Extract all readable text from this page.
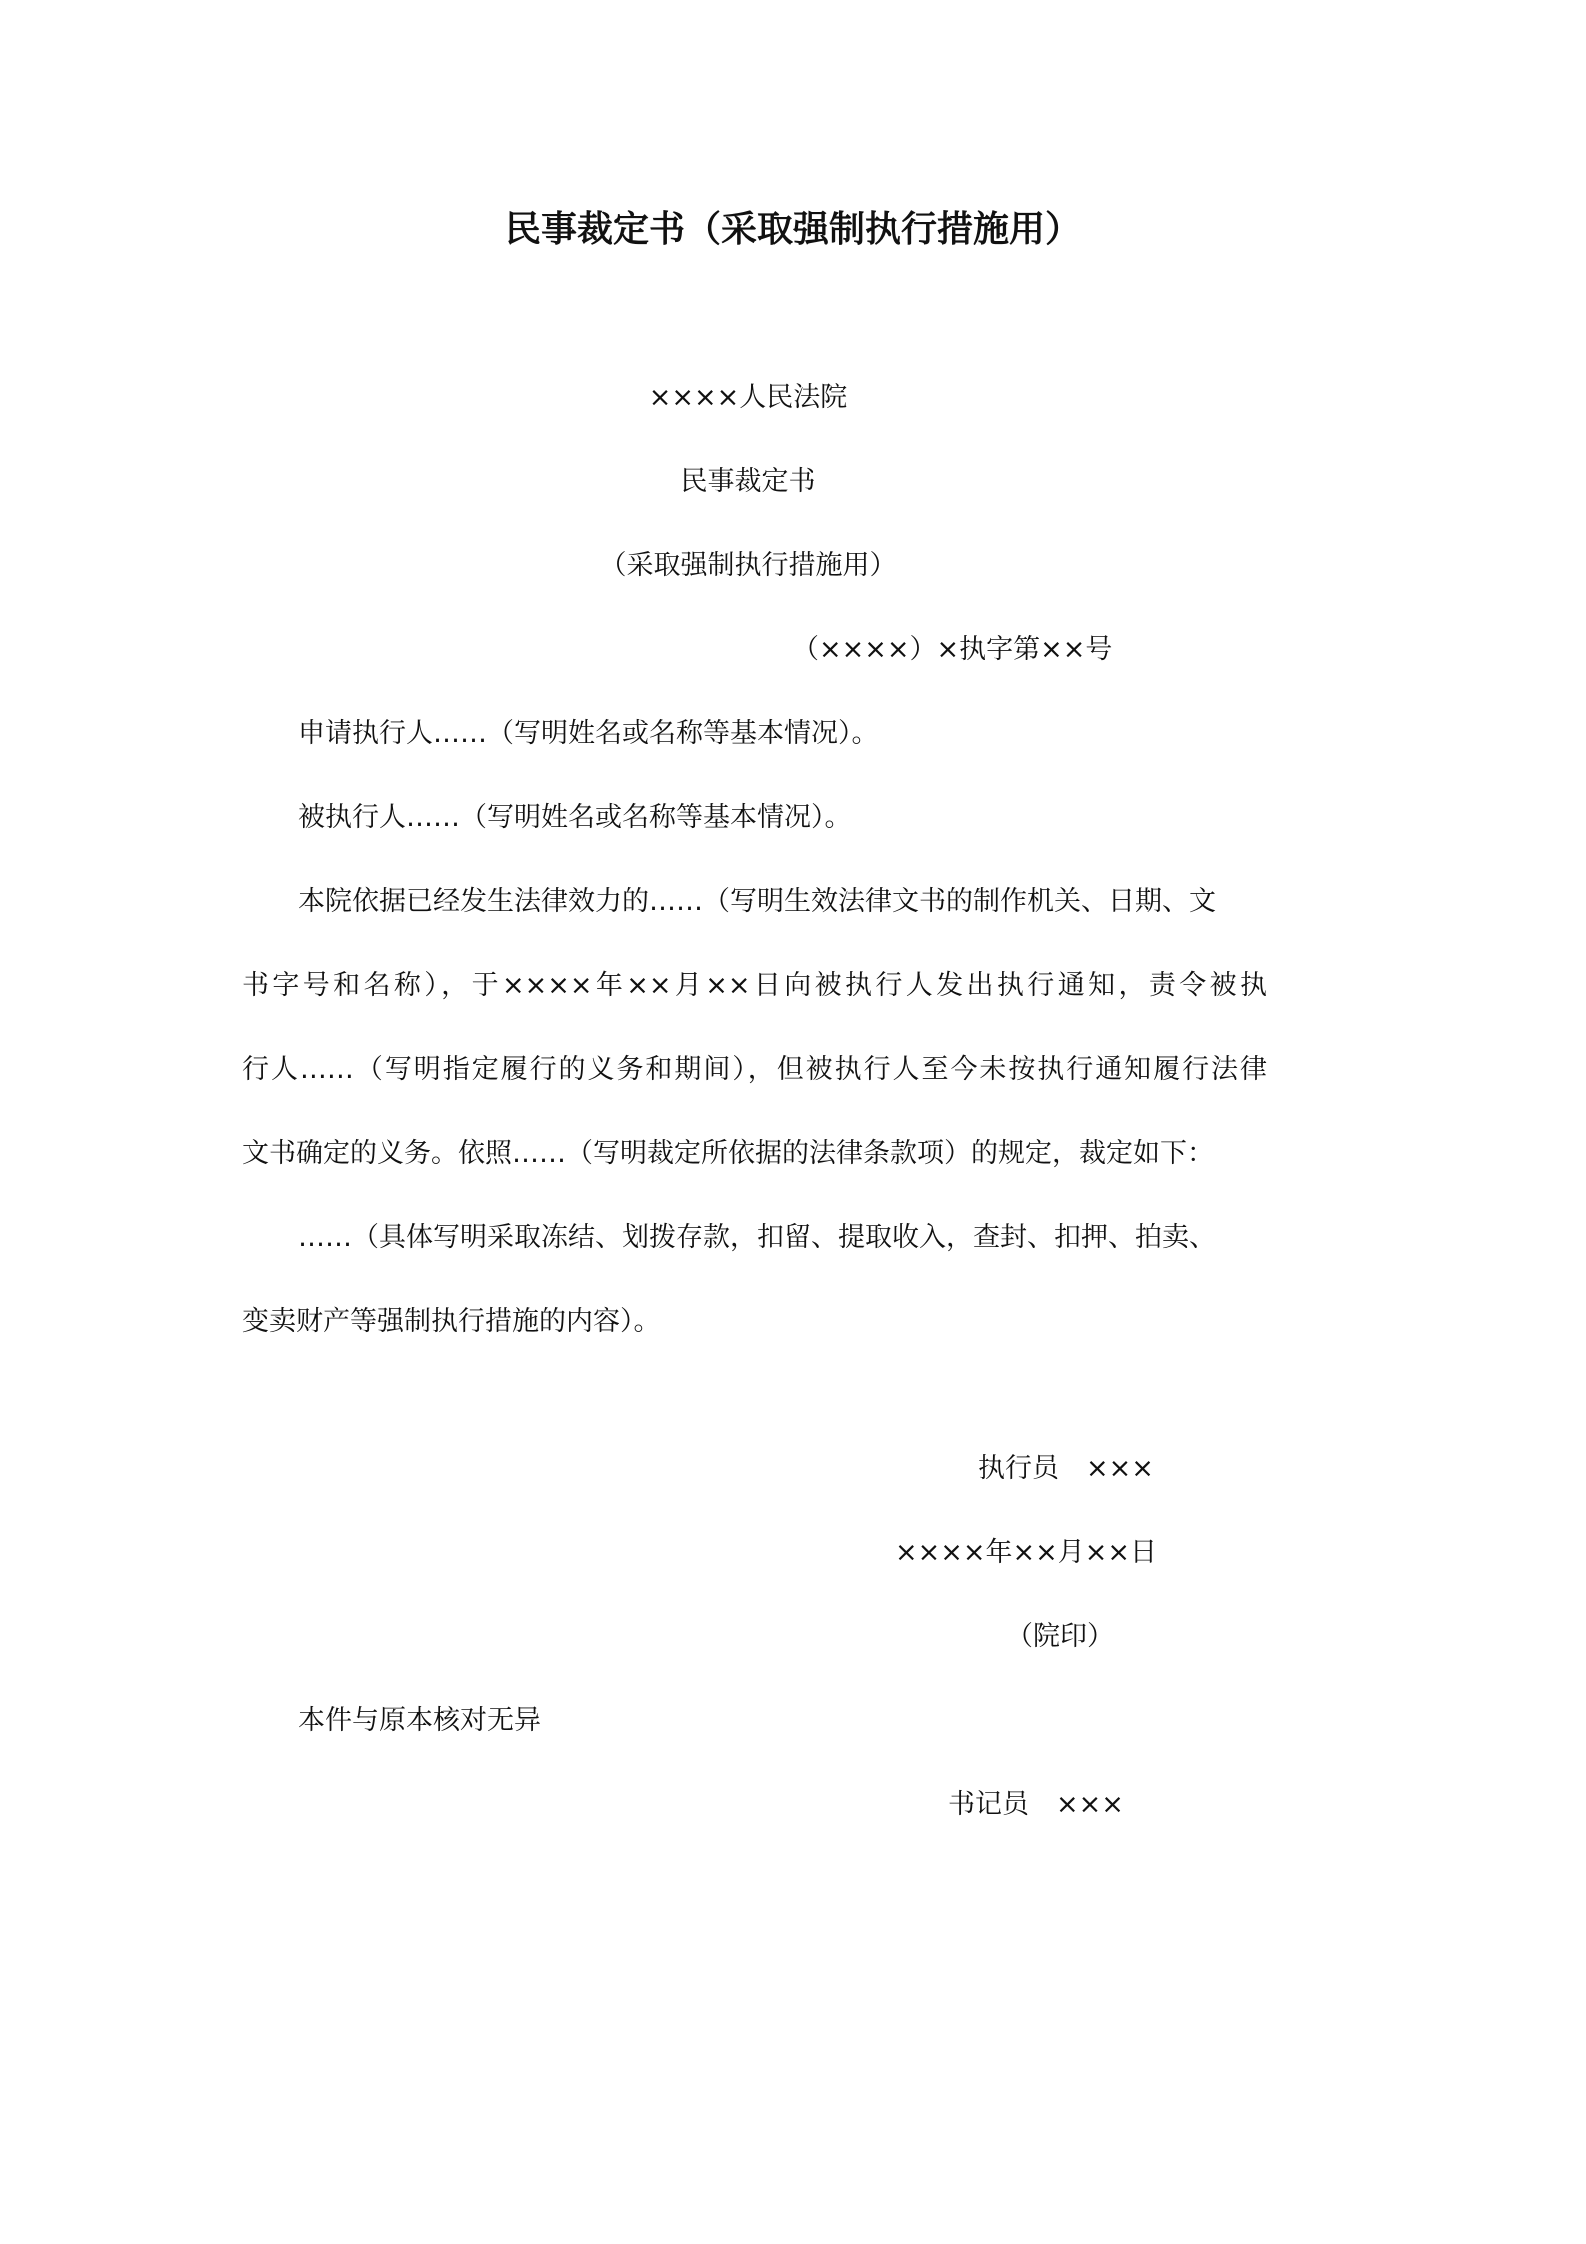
民事裁定书（采取强制执行措施用）
××××人民法院
民事裁定书
（采取强制执行措施用）
（××××）×执字第××号
申请执行人……（写明姓名或名称等基本情况）。
被执行人……（写明姓名或名称等基本情况）。
本院依据已经发生法律效力的……（写明生效法律文书的制作机关、日期、文
书字号和名称），于××××年××月××日向被执行人发出执行通知，责令被执
行人……（写明指定履行的义务和期间），但被执行人至今未按执行通知履行法律
文书确定的义务。依照……（写明裁定所依据的法律条款项）的规定，裁定如下：
……（具体写明采取冻结、划拨存款，扣留、提取收入，查封、扣押、拍卖、
变卖财产等强制执行措施的内容）。
执行员　×××
××××年××月××日
（院印）
本件与原本核对无异
书记员　×××
